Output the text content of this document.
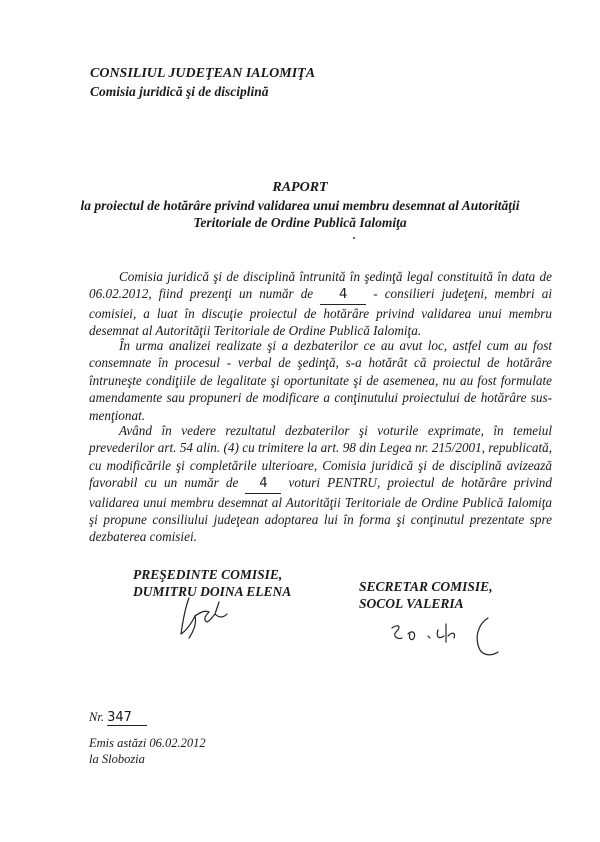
CONSILIUL JUDEŢEAN IALOMIŢA
Comisia juridică şi de disciplină
RAPORT
la proiectul de hotărâre privind validarea unui membru desemnat al Autorităţii
Teritoriale de Ordine Publică Ialomiţa
Comisia juridică şi de disciplină întrunită în şedinţă legal constituită în data de 06.02.2012, fiind prezenţi un număr de 4 - consilieri judeţeni, membri ai comisiei, a luat în discuţie proiectul de hotărâre privind validarea unui membru desemnat al Autorităţii Teritoriale de Ordine Publică Ialomiţa.
În urma analizei realizate şi a dezbaterilor ce au avut loc, astfel cum au fost consemnate în procesul - verbal de şedinţă, s-a hotărât că proiectul de hotărâre întruneşte condiţiile de legalitate şi oportunitate şi de asemenea, nu au fost formulate amendamente sau propuneri de modificare a conţinutului proiectului de hotărâre sus-menţionat.
Având în vedere rezultatul dezbaterilor şi voturile exprimate, în temeiul prevederilor art. 54 alin. (4) cu trimitere la art. 98 din Legea nr. 215/2001, republicată, cu modificările şi completările ulterioare, Comisia juridică şi de disciplină avizează favorabil cu un număr de 4 voturi PENTRU, proiectul de hotărâre privind validarea unui membru desemnat al Autorităţii Teritoriale de Ordine Publică Ialomiţa şi propune consiliului judeţean adoptarea lui în forma şi conţinutul prezentate spre dezbaterea comisiei.
PREŞEDINTE COMISIE,
DUMITRU DOINA ELENA	SECRETAR COMISIE,
SOCOL VALERIA
Nr. 347
Emis astăzi 06.02.2012
la Slobozia
